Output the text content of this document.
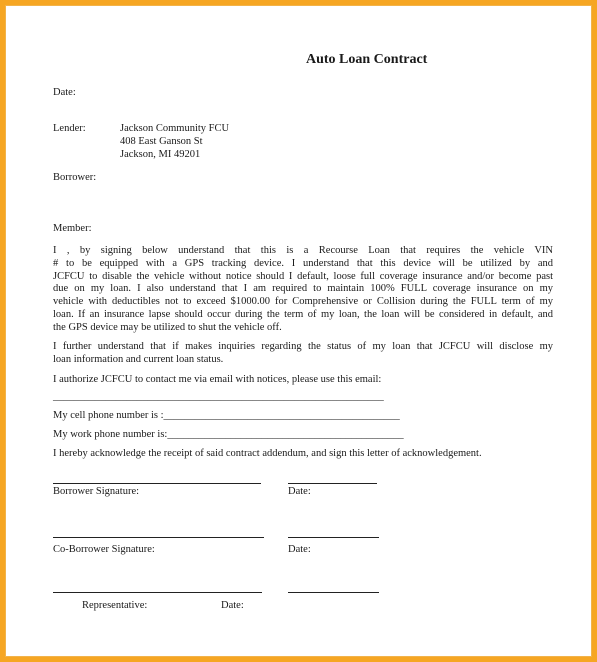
Auto Loan Contract
Date:
Lender:	Jackson Community FCU
408 East Ganson St
Jackson, MI 49201
Borrower:
Member:
I , by signing below understand that this is a Recourse Loan that requires the vehicle VIN
# to be equipped with a GPS tracking device. I understand that this device will be utilized by and
JCFCU to disable the vehicle without notice should I default, loose full coverage insurance and/or become past
due on my loan. I also understand that I am required to maintain 100% FULL coverage insurance on my
vehicle with deductibles not to exceed $1000.00 for Comprehensive or Collision during the FULL term of my
loan. If an insurance lapse should occur during the term of my loan, the loan will be considered in default, and
the GPS device may be utilized to shut the vehicle off.
I further understand that if makes inquiries regarding the status of my loan that JCFCU will disclose my
loan information and current loan status.
I authorize JCFCU to contact me via email with notices, please use this email:
_______________________________________________________________
My cell phone number is :_____________________________________________
My work phone number is:_____________________________________________
I hereby acknowledge the receipt of said contract addendum, and sign this letter of acknowledgement.
Borrower Signature:	Date:
Co-Borrower Signature:	Date:
Representative:	Date:
